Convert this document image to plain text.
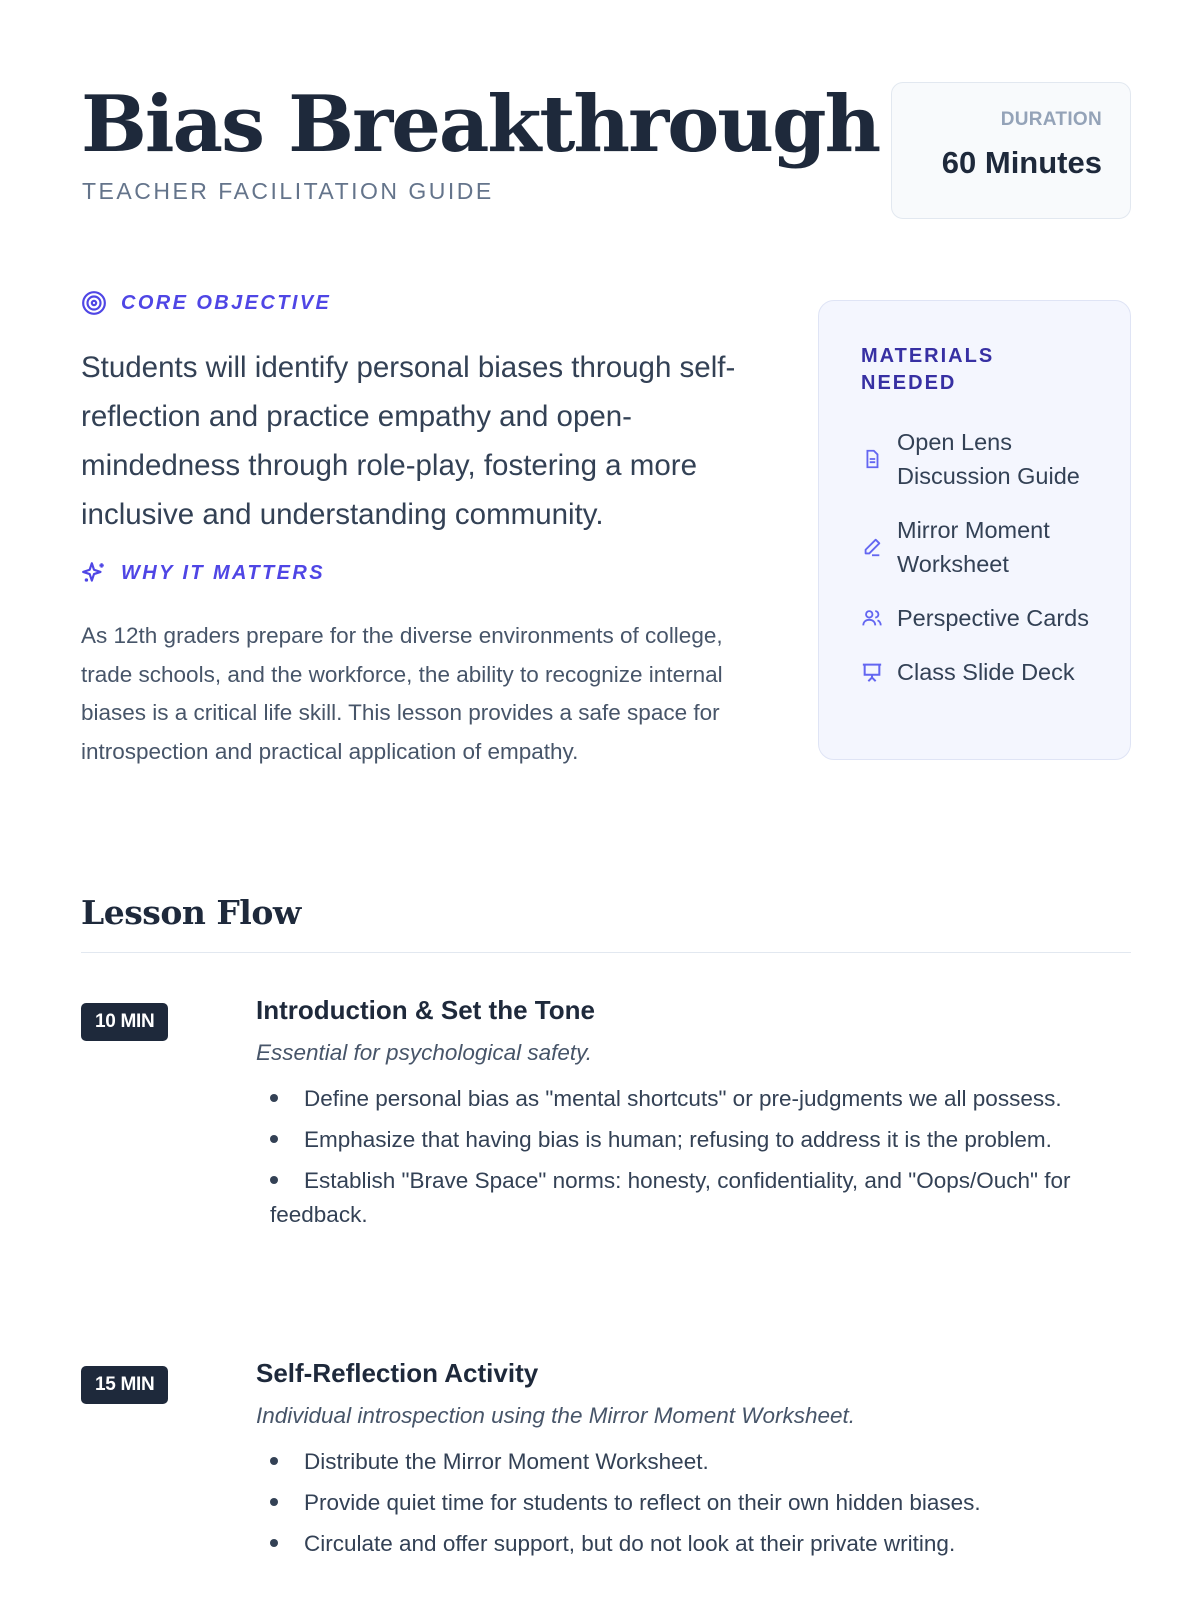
Bias Breakthrough
TEACHER FACILITATION GUIDE
DURATION
60 Minutes
CORE OBJECTIVE

Students will identify personal biases through self-reflection and practice empathy and open-mindedness through role-play, fostering a more inclusive and understanding community.

WHY IT MATTERS

As 12th graders prepare for the diverse environments of college, trade schools, and the workforce, the ability to recognize internal biases is a critical life skill. This lesson provides a safe space for introspection and practical application of empathy.

MATERIALS NEEDED
Open Lens Discussion Guide
Mirror Moment Worksheet
Perspective Cards
Class Slide Deck
Lesson Flow
10 MIN	Introduction & Set the Tone
Essential for psychological safety.
Define personal bias as "mental shortcuts" or pre-judgments we all possess.
Emphasize that having bias is human; refusing to address it is the problem.
Establish "Brave Space" norms: honesty, confidentiality, and "Oops/Ouch" for feedback.
15 MIN	Self-Reflection Activity
Individual introspection using the Mirror Moment Worksheet.
Distribute the Mirror Moment Worksheet.
Provide quiet time for students to reflect on their own hidden biases.
Circulate and offer support, but do not look at their private writing.
